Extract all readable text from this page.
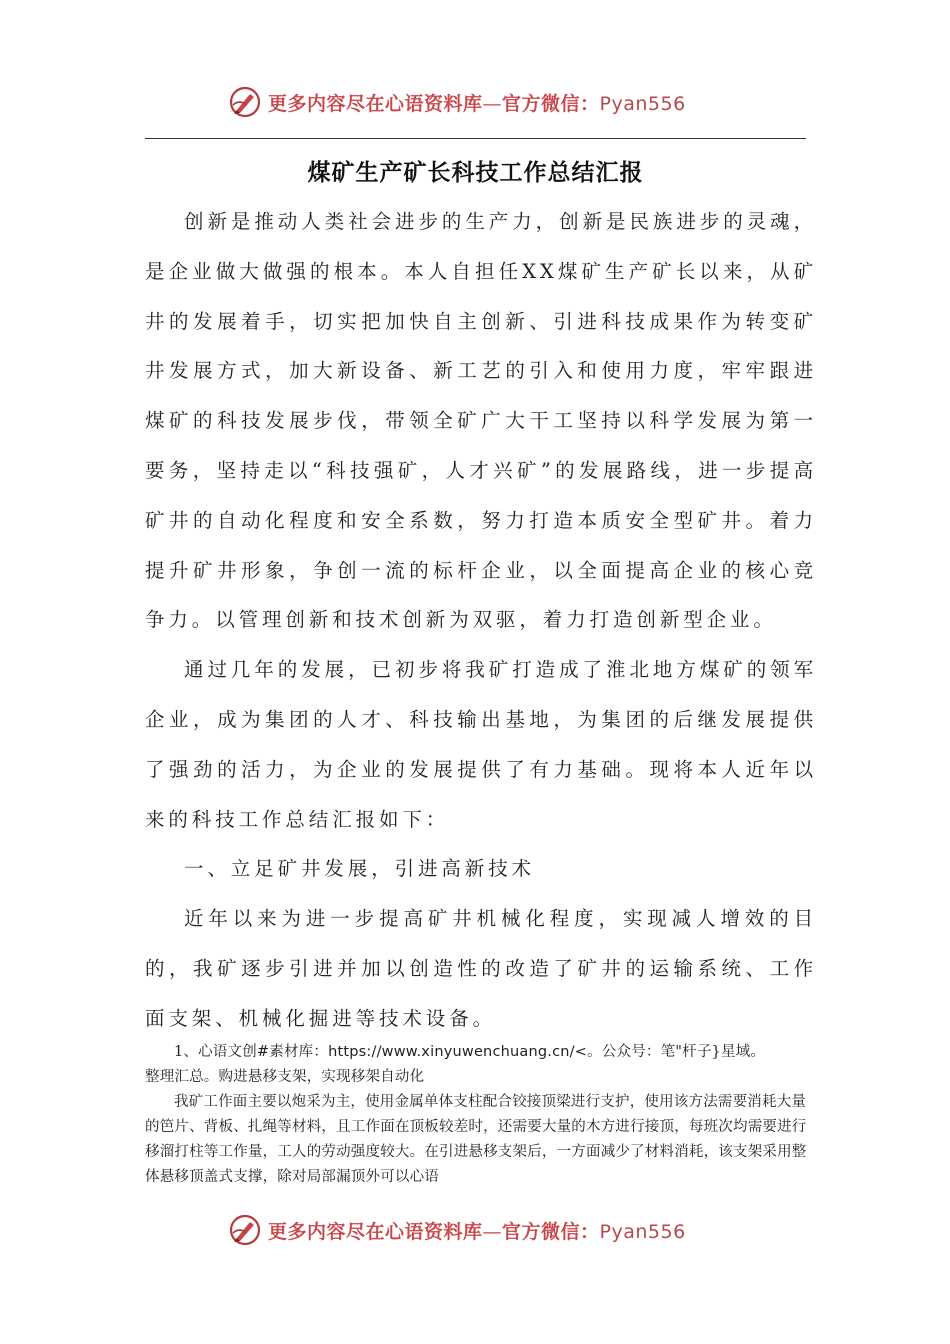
更多内容尽在心语资料库—官方微信：Pyan556
煤矿生产矿长科技工作总结汇报

创新是推动人类社会进步的生产力，创新是民族进步的灵魂，是企业做大做强的根本。本人自担任XX煤矿生产矿长以来，从矿井的发展着手，切实把加快自主创新、引进科技成果作为转变矿井发展方式，加大新设备、新工艺的引入和使用力度，牢牢跟进煤矿的科技发展步伐，带领全矿广大干工坚持以科学发展为第一要务，坚持走以“科技强矿，人才兴矿”的发展路线，进一步提高矿井的自动化程度和安全系数，努力打造本质安全型矿井。着力提升矿井形象，争创一流的标杆企业，以全面提高企业的核心竞争力。以管理创新和技术创新为双驱，着力打造创新型企业。

通过几年的发展，已初步将我矿打造成了淮北地方煤矿的领军企业，成为集团的人才、科技输出基地，为集团的后继发展提供了强劲的活力，为企业的发展提供了有力基础。现将本人近年以来的科技工作总结汇报如下：

一、立足矿井发展，引进高新技术

近年以来为进一步提高矿井机械化程度，实现减人增效的目的，我矿逐步引进并加以创造性的改造了矿井的运输系统、工作面支架、机械化掘进等技术设备。

1、心语文创#素材库：https://www.xinyuwenchuang.cn/<。公众号：笔"杆子}星域。

整理汇总。购进悬移支架，实现移架自动化

我矿工作面主要以炮采为主，使用金属单体支柱配合铰接顶梁进行支护，使用该方法需要消耗大量的笆片、背板、扎绳等材料，且工作面在顶板较差时，还需要大量的木方进行接顶，每班次均需要进行移溜打柱等工作量，工人的劳动强度较大。在引进悬移支架后，一方面减少了材料消耗，该支架采用整体悬移顶盖式支撑，除对局部漏顶外可以心语

更多内容尽在心语资料库—官方微信：Pyan556
